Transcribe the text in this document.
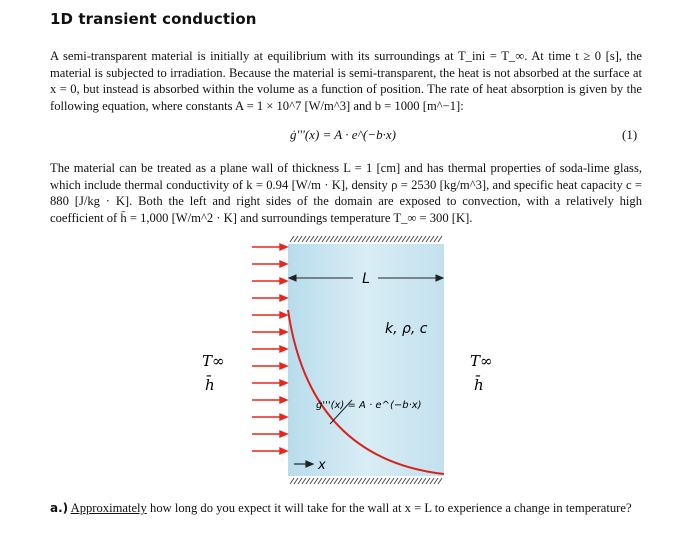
1D transient conduction
A semi-transparent material is initially at equilibrium with its surroundings at T_ini = T_∞. At time t ≥ 0 [s], the material is subjected to irradiation. Because the material is semi-transparent, the heat is not absorbed at the surface at x = 0, but instead is absorbed within the volume as a function of position. The rate of heat absorption is given by the following equation, where constants A = 1 × 10^7 [W/m^3] and b = 1000 [m^−1]:
ġ'''(x) = A · e^(−b·x)	(1)
The material can be treated as a plane wall of thickness L = 1 [cm] and has thermal properties of soda-lime glass, which include thermal conductivity of k = 0.94 [W/m · K], density ρ = 2530 [kg/m^3], and specific heat capacity c = 880 [J/kg · K]. Both the left and right sides of the domain are exposed to convection, with a relatively high coefficient of h̄ = 1,000 [W/m^2 · K] and surroundings temperature T_∞ = 300 [K].
L
k, ρ, c
ġ'''(x) = A · e^(−b·x)
x
T∞
h̄
T∞
h̄
a.) Approximately how long do you expect it will take for the wall at x = L to experience a change in temperature?
